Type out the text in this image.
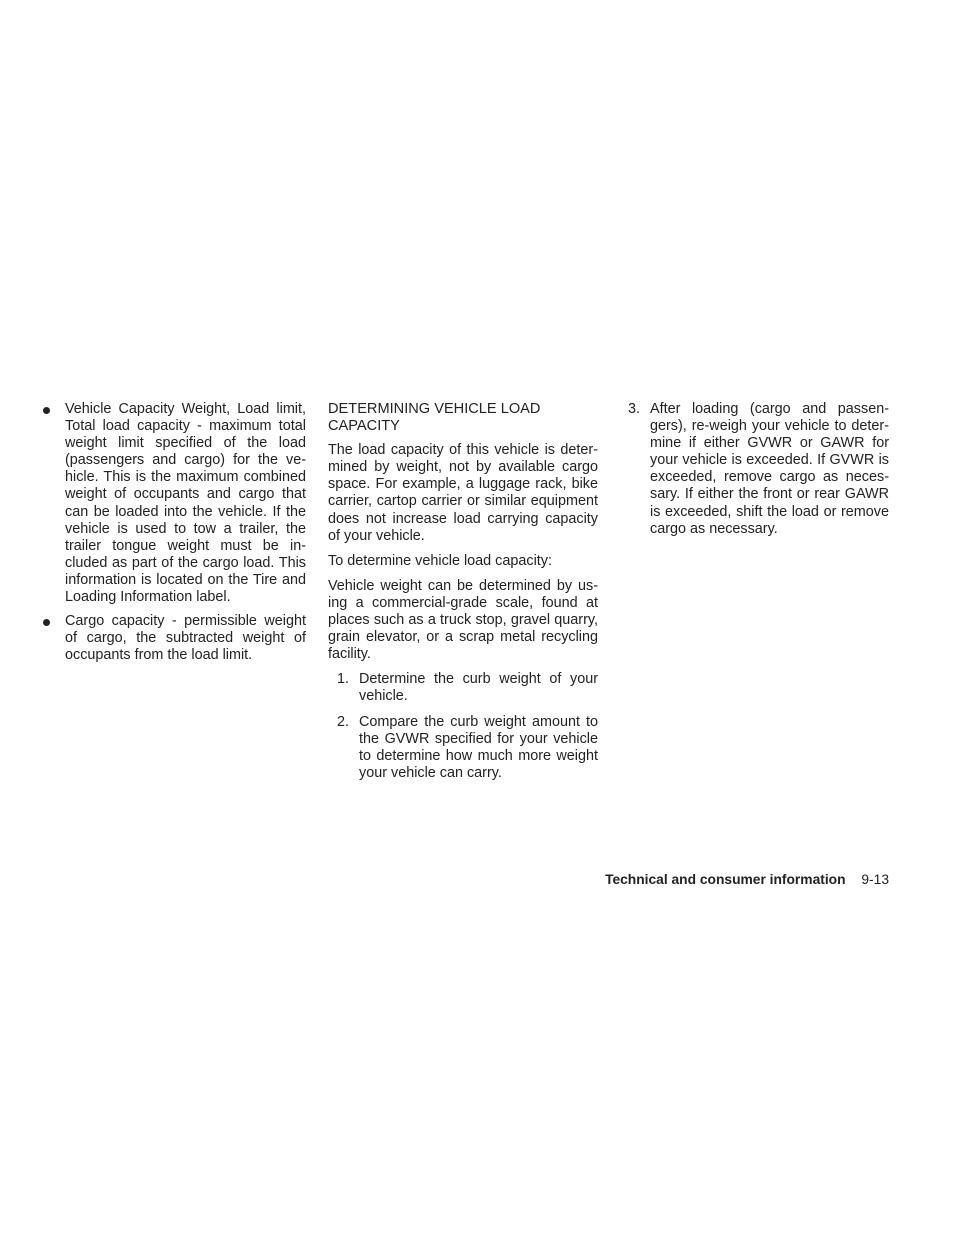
Vehicle Capacity Weight, Load limit, Total load capacity - maximum total weight limit specified of the load (passengers and cargo) for the ve-hicle. This is the maximum combined weight of occupants and cargo that can be loaded into the vehicle. If the vehicle is used to tow a trailer, the trailer tongue weight must be in-cluded as part of the cargo load. This information is located on the Tire and Loading Information label.
Cargo capacity - permissible weight of cargo, the subtracted weight of occupants from the load limit.
DETERMINING VEHICLE LOAD CAPACITY

The load capacity of this vehicle is deter-mined by weight, not by available cargo space. For example, a luggage rack, bike carrier, cartop carrier or similar equipment does not increase load carrying capacity of your vehicle.

To determine vehicle load capacity:

Vehicle weight can be determined by us-ing a commercial-grade scale, found at places such as a truck stop, gravel quarry, grain elevator, or a scrap metal recycling facility.

1. Determine the curb weight of your vehicle.
2. Compare the curb weight amount to the GVWR specified for your vehicle to determine how much more weight your vehicle can carry.
3. After loading (cargo and passen-gers), re-weigh your vehicle to deter-mine if either GVWR or GAWR for your vehicle is exceeded. If GVWR is exceeded, remove cargo as neces-sary. If either the front or rear GAWR is exceeded, shift the load or remove cargo as necessary.
Technical and consumer information 9-13
